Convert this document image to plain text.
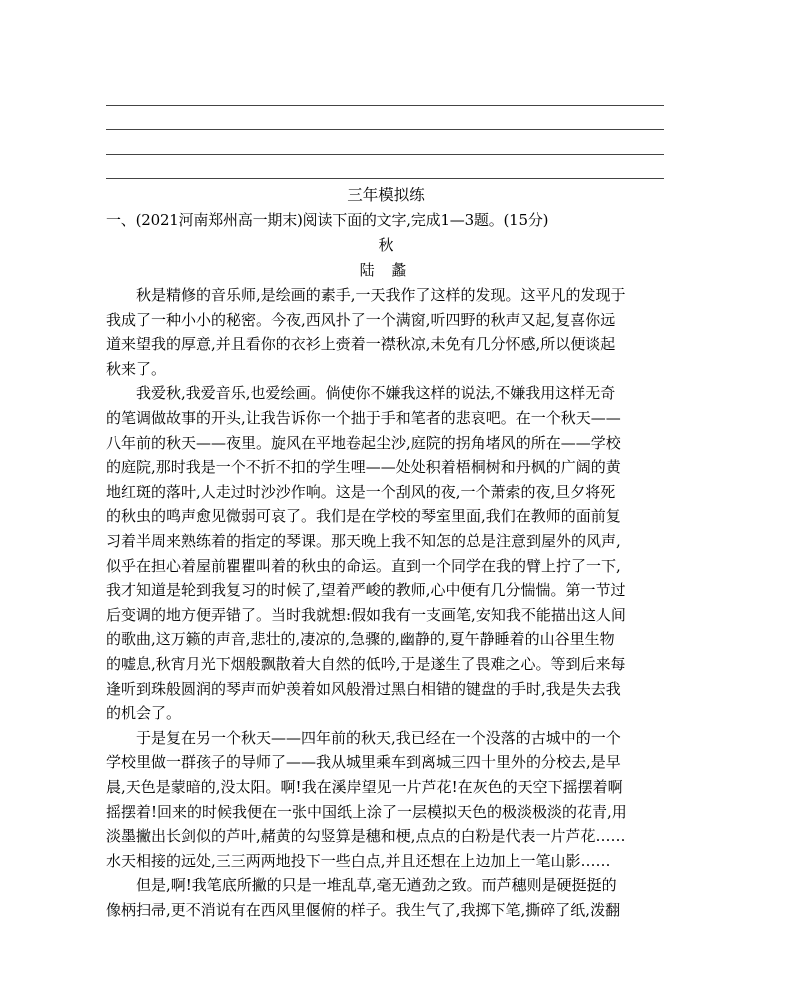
三年模拟练
一、(2021河南郑州高一期末)阅读下面的文字,完成1—3题。(15分)
秋
陆 蠡
　　秋是精修的音乐师,是绘画的素手,一天我作了这样的发现。这平凡的发现于
我成了一种小小的秘密。今夜,西风扑了一个满窗,听四野的秋声又起,复喜你远
道来望我的厚意,并且看你的衣衫上赍着一襟秋凉,未免有几分怀感,所以便谈起
秋来了。
　　我爱秋,我爱音乐,也爱绘画。倘使你不嫌我这样的说法,不嫌我用这样无奇
的笔调做故事的开头,让我告诉你一个拙于手和笔者的悲哀吧。在一个秋天——
八年前的秋天——夜里。旋风在平地卷起尘沙,庭院的拐角堵风的所在——学校
的庭院,那时我是一个不折不扣的学生哩——处处积着梧桐树和丹枫的广阔的黄
地红斑的落叶,人走过时沙沙作响。这是一个刮风的夜,一个萧索的夜,旦夕将死
的秋虫的鸣声愈见微弱可哀了。我们是在学校的琴室里面,我们在教师的面前复
习着半周来熟练着的指定的琴课。那天晚上我不知怎的总是注意到屋外的风声,
似乎在担心着屋前瞿瞿叫着的秋虫的命运。直到一个同学在我的臂上拧了一下,
我才知道是轮到我复习的时候了,望着严峻的教师,心中便有几分惴惴。第一节过
后变调的地方便弄错了。当时我就想:假如我有一支画笔,安知我不能描出这人间
的歌曲,这万籁的声音,悲壮的,凄凉的,急骤的,幽静的,夏午静睡着的山谷里生物
的嘘息,秋宵月光下烟般飘散着大自然的低吟,于是遂生了畏难之心。等到后来每
逢听到珠般圆润的琴声而妒羡着如风般滑过黑白相错的键盘的手时,我是失去我
的机会了。
　　于是复在另一个秋天——四年前的秋天,我已经在一个没落的古城中的一个
学校里做一群孩子的导师了——我从城里乘车到离城三四十里外的分校去,是早
晨,天色是蒙暗的,没太阳。啊!我在溪岸望见一片芦花!在灰色的天空下摇摆着啊
摇摆着!回来的时候我便在一张中国纸上涂了一层模拟天色的极淡极淡的花青,用
淡墨撇出长剑似的芦叶,赭黄的勾竖算是穗和梗,点点的白粉是代表一片芦花……
水天相接的远处,三三两两地投下一些白点,并且还想在上边加上一笔山影……
　　但是,啊!我笔底所撇的只是一堆乱草,毫无遒劲之致。而芦穗则是硬挺挺的
像柄扫帚,更不消说有在西风里偃俯的样子。我生气了,我掷下笔,撕碎了纸,泼翻
